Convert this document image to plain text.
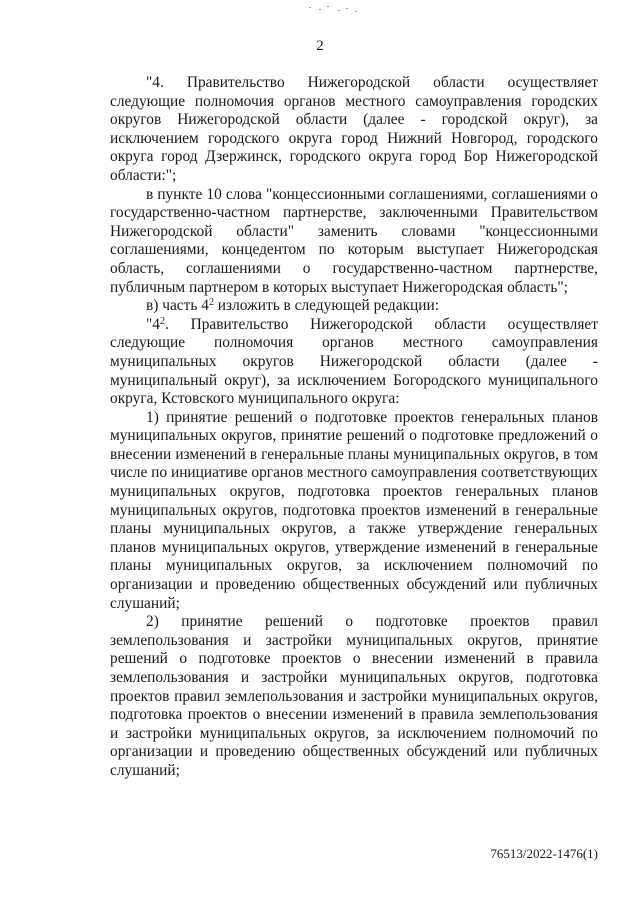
2

"4. Правительство Нижегородской области осуществляет следующие полномочия органов местного самоуправления городских округов Нижегородской области (далее - городской округ), за исключением городского округа город Нижний Новгород, городского округа город Дзержинск, городского округа город Бор Нижегородской области:";

в пункте 10 слова "концессионными соглашениями, соглашениями о государственно-частном партнерстве, заключенными Правительством Нижегородской области" заменить словами "концессионными соглашениями, концедентом по которым выступает Нижегородская область, соглашениями о государственно-частном партнерстве, публичным партнером в которых выступает Нижегородская область";

в) часть $4^2$ изложить в следующей редакции:

"$4^2$. Правительство Нижегородской области осуществляет следующие полномочия органов местного самоуправления муниципальных округов Нижегородской области (далее - муниципальный округ), за исключением Богородского муниципального округа, Кстовского муниципального округа:

1) принятие решений о подготовке проектов генеральных планов муниципальных округов, принятие решений о подготовке предложений о внесении изменений в генеральные планы муниципальных округов, в том числе по инициативе органов местного самоуправления соответствующих муниципальных округов, подготовка проектов генеральных планов муниципальных округов, подготовка проектов изменений в генеральные планы муниципальных округов, а также утверждение генеральных планов муниципальных округов, утверждение изменений в генеральные планы муниципальных округов, за исключением полномочий по организации и проведению общественных обсуждений или публичных слушаний;

2) принятие решений о подготовке проектов правил землепользования и застройки муниципальных округов, принятие решений о подготовке проектов о внесении изменений в правила землепользования и застройки муниципальных округов, подготовка проектов правил землепользования и застройки муниципальных округов, подготовка проектов о внесении изменений в правила землепользования и застройки муниципальных округов, за исключением полномочий по организации и проведению общественных обсуждений или публичных слушаний;

76513/2022-1476(1)
